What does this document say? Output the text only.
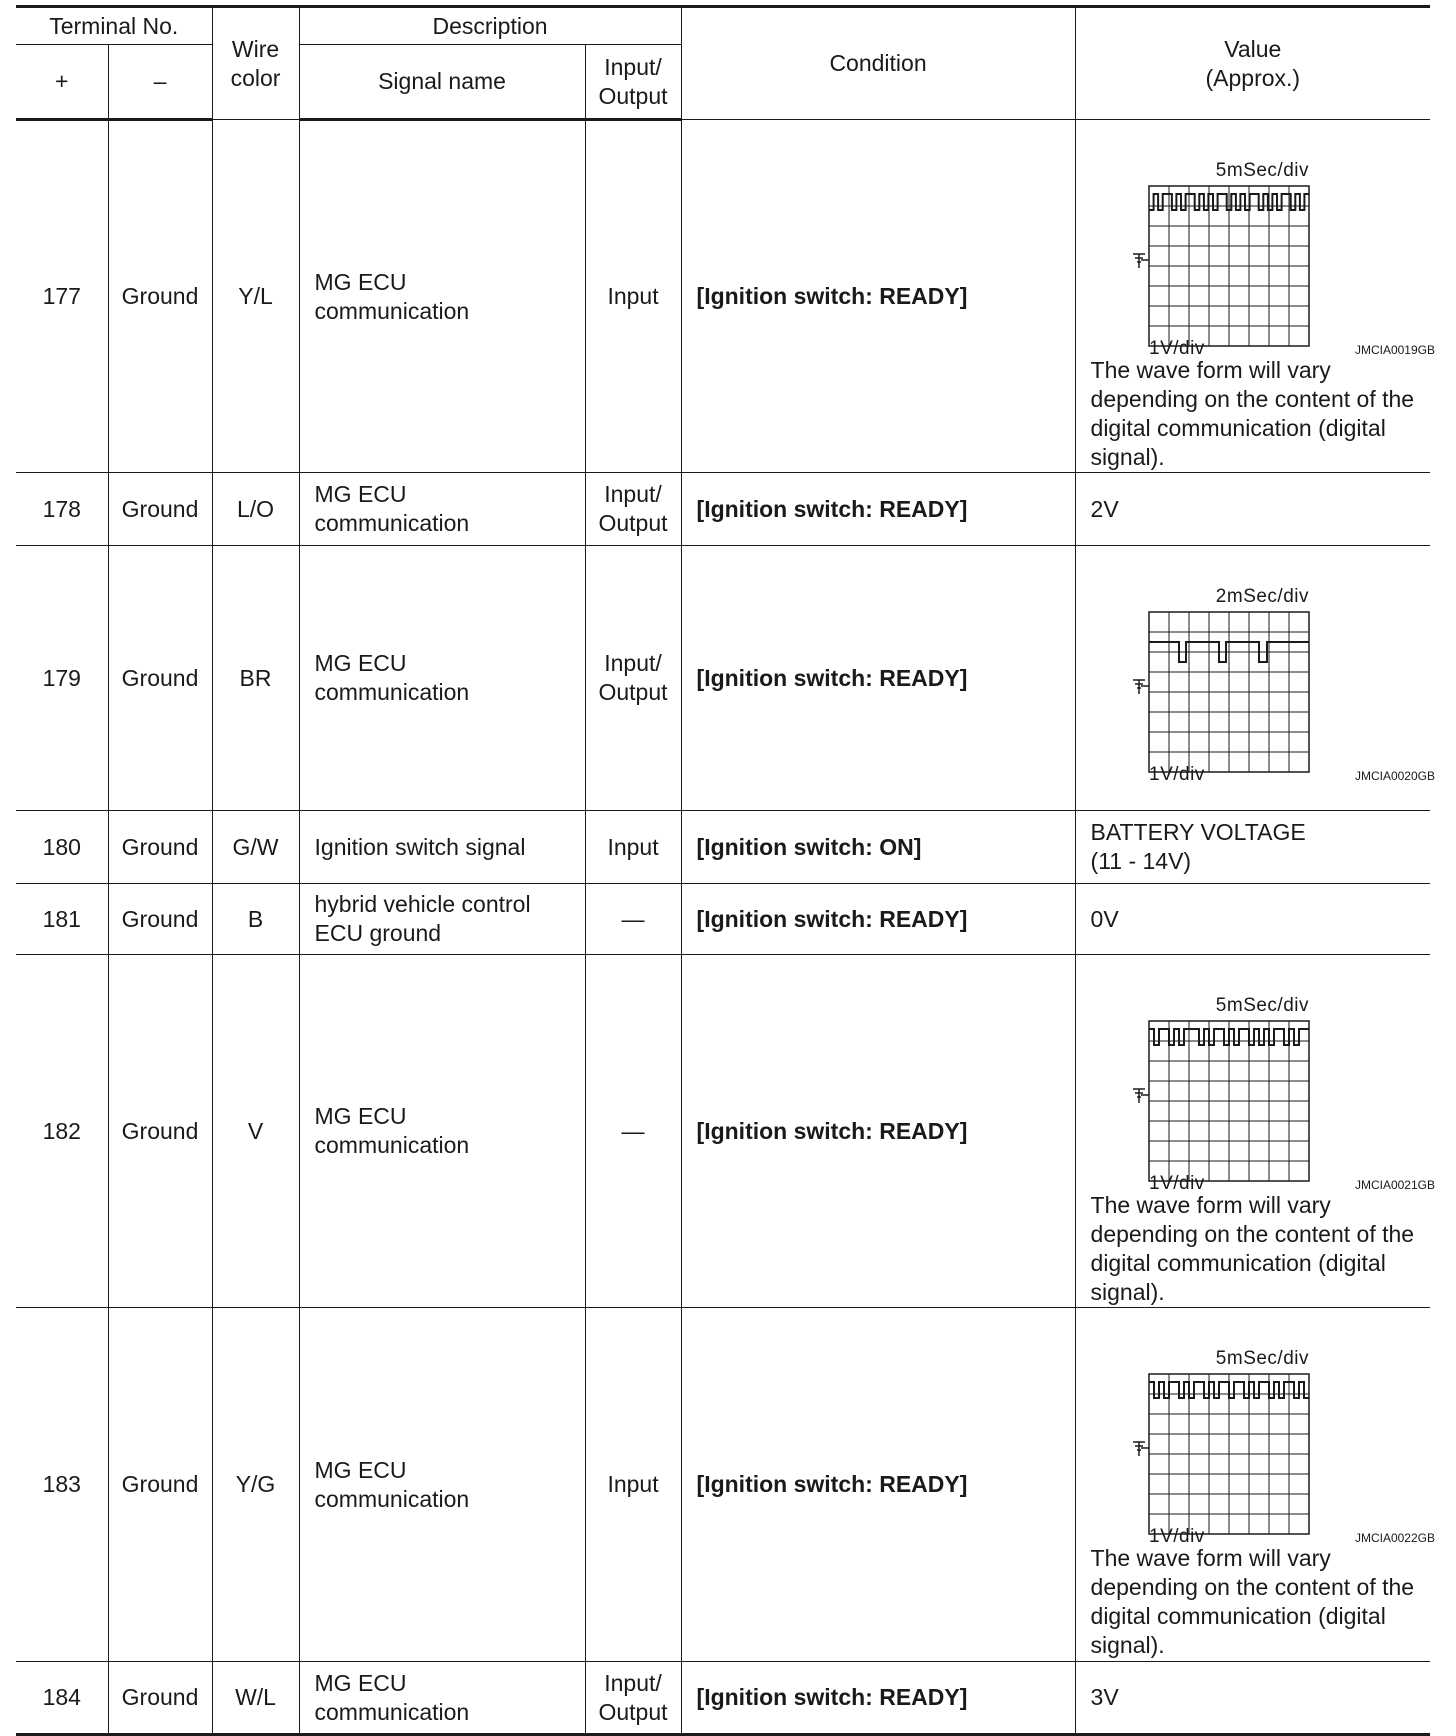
Terminal No.		Wire color	Description		Condition	Value (Approx.)
+	–		Signal name	Input/ Output		
177	Ground	Y/L	MG ECU communication	Input	[Ignition switch: READY]	5mSec/div
1V/div JMCIA0019GB
The wave form will vary depending on the content of the digital communication (digital signal).

178	Ground	L/O	MG ECU communication	Input/ Output	[Ignition switch: READY]	2V

179	Ground	BR	MG ECU communication	Input/ Output	[Ignition switch: READY]	2mSec/div
1V/div JMCIA0020GB

180	Ground	G/W	Ignition switch signal	Input	[Ignition switch: ON]	BATTERY VOLTAGE (11 - 14V)

181	Ground	B	hybrid vehicle control ECU ground	—	[Ignition switch: READY]	0V

182	Ground	V	MG ECU communication	—	[Ignition switch: READY]	5mSec/div
1V/div JMCIA0021GB
The wave form will vary depending on the content of the digital communication (digital signal).

183	Ground	Y/G	MG ECU communication	Input	[Ignition switch: READY]	5mSec/div
1V/div JMCIA0022GB
The wave form will vary depending on the content of the digital communication (digital signal).

184	Ground	W/L	MG ECU communication	Input/ Output	[Ignition switch: READY]	3V
